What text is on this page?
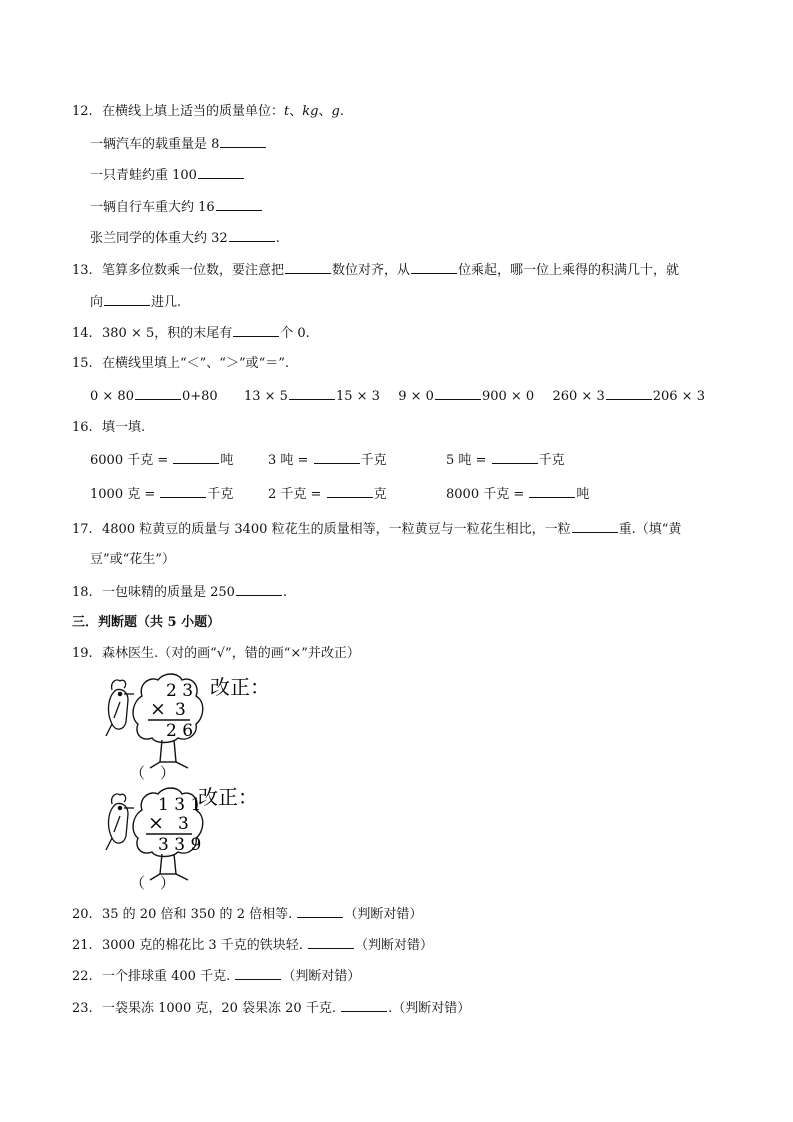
12. 在横线上填上适当的质量单位：t、kg、g.
一辆汽车的载重量是 8
一只青蛙约重 100
一辆自行车重大约 16
张兰同学的体重大约 32	.
13. 笔算多位数乘一位数，要注意把	数位对齐，从	位乘起，哪一位上乘得的积满几十，就
向	进几.
14. 380 × 5，积的末尾有	个 0.
15. 在横线里填上“＜”、“＞”或“＝”.
0 × 80	0+80 13 × 5	15 × 3 9 × 0	900 × 0 260 × 3	206 × 3
16. 填一填.
6000 千克 =	吨	3 吨 =	千克	5 吨 =	千克
1000 克 =	千克	2 千克 =	克	8000 千克 =	吨
17. 4800 粒黄豆的质量与 3400 粒花生的质量相等，一粒黄豆与一粒花生相比，一粒	重.（填“黄
豆”或“花生”）
18. 一包味精的质量是 250	.
三．判断题（共 5 小题）
19. 森林医生.（对的画“√”，错的画“×”并改正）
2 3
× 3
2 6
改正：
（　）
1 3 1
× 3
3 3 9
改正：
（　）
20. 35 的 20 倍和 350 的 2 倍相等.	（判断对错）
21. 3000 克的棉花比 3 千克的铁块轻.	（判断对错）
22. 一个排球重 400 千克.	（判断对错）
23. 一袋果冻 1000 克，20 袋果冻 20 千克.	.（判断对错）
